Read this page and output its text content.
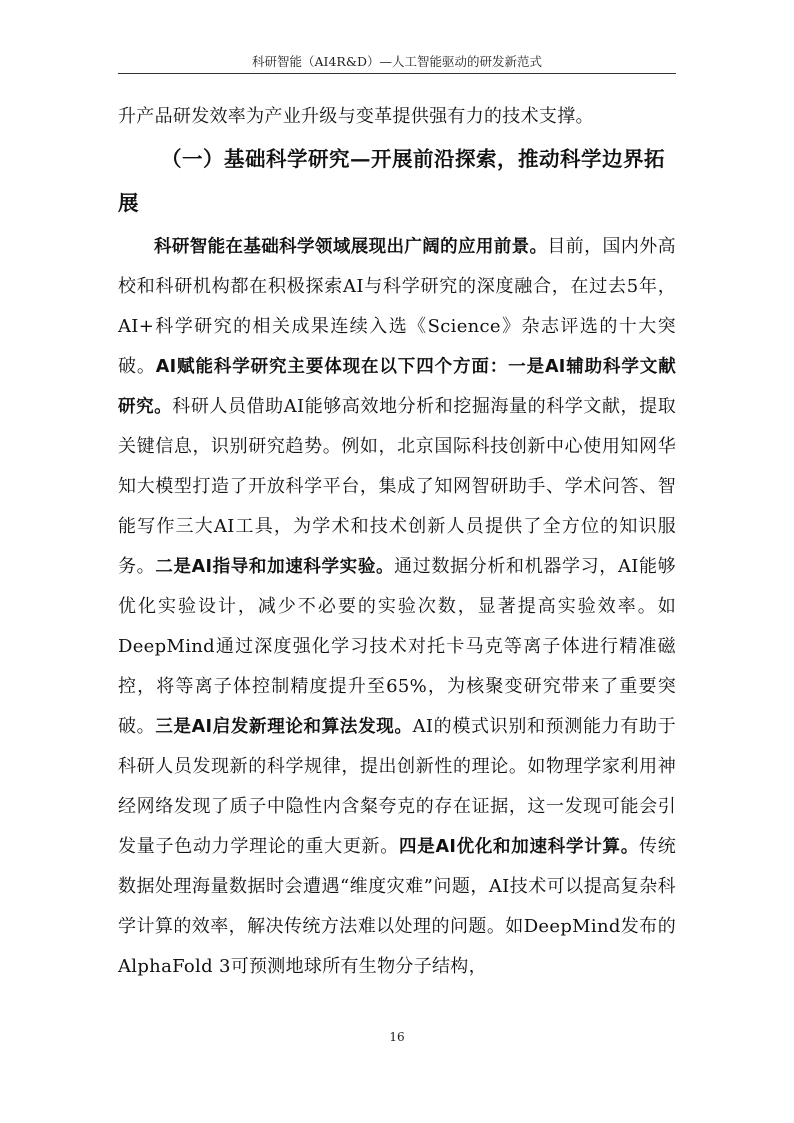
科研智能（AI4R&D）—人工智能驱动的研发新范式

升产品研发效率为产业升级与变革提供强有力的技术支撑。

（一）基础科学研究—开展前沿探索，推动科学边界拓展

科研智能在基础科学领域展现出广阔的应用前景。目前，国内外高校和科研机构都在积极探索AI与科学研究的深度融合，在过去5年，AI+科学研究的相关成果连续入选《Science》杂志评选的十大突破。AI赋能科学研究主要体现在以下四个方面：一是AI辅助科学文献研究。科研人员借助AI能够高效地分析和挖掘海量的科学文献，提取关键信息，识别研究趋势。例如，北京国际科技创新中心使用知网华知大模型打造了开放科学平台，集成了知网智研助手、学术问答、智能写作三大AI工具，为学术和技术创新人员提供了全方位的知识服务。二是AI指导和加速科学实验。通过数据分析和机器学习，AI能够优化实验设计，减少不必要的实验次数，显著提高实验效率。如DeepMind通过深度强化学习技术对托卡马克等离子体进行精准磁控，将等离子体控制精度提升至65%，为核聚变研究带来了重要突破。三是AI启发新理论和算法发现。AI的模式识别和预测能力有助于科研人员发现新的科学规律，提出创新性的理论。如物理学家利用神经网络发现了质子中隐性内含粲夸克的存在证据，这一发现可能会引发量子色动力学理论的重大更新。四是AI优化和加速科学计算。传统数据处理海量数据时会遭遇“维度灾难”问题，AI技术可以提高复杂科学计算的效率，解决传统方法难以处理的问题。如DeepMind发布的AlphaFold 3可预测地球所有生物分子结构，

16
